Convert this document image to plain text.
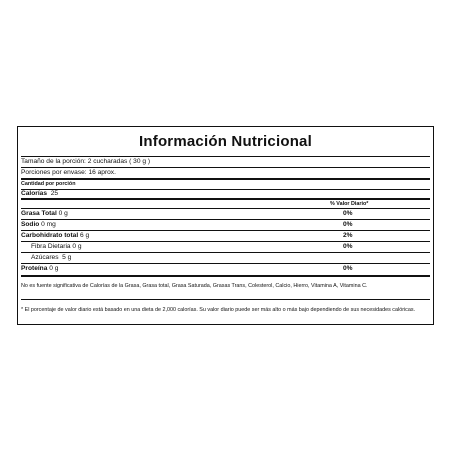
Información Nutricional
Tamaño de la porción: 2 cucharadas ( 30 g )
Porciones por envase: 16 aprox.
Cantidad por porción
Calorías 25
% Valor Diario*
Grasa Total 0 g	0%
Sodio 0 mg	0%
Carbohidrato total 6 g	2%
Fibra Dietaria 0 g	0%
Azúcares 5 g
Proteína 0 g	0%
No es fuente significativa de Calorías de la Grasa, Grasa total, Grasa Saturada, Grasas Trans, Colesterol, Calcio, Hierro, Vitamina A, Vitamina C.
* El porcentaje de valor diario está basado en una dieta de 2,000 calorías. Su valor diario puede ser más alto o más bajo dependiendo de sus necesidades calóricas.
